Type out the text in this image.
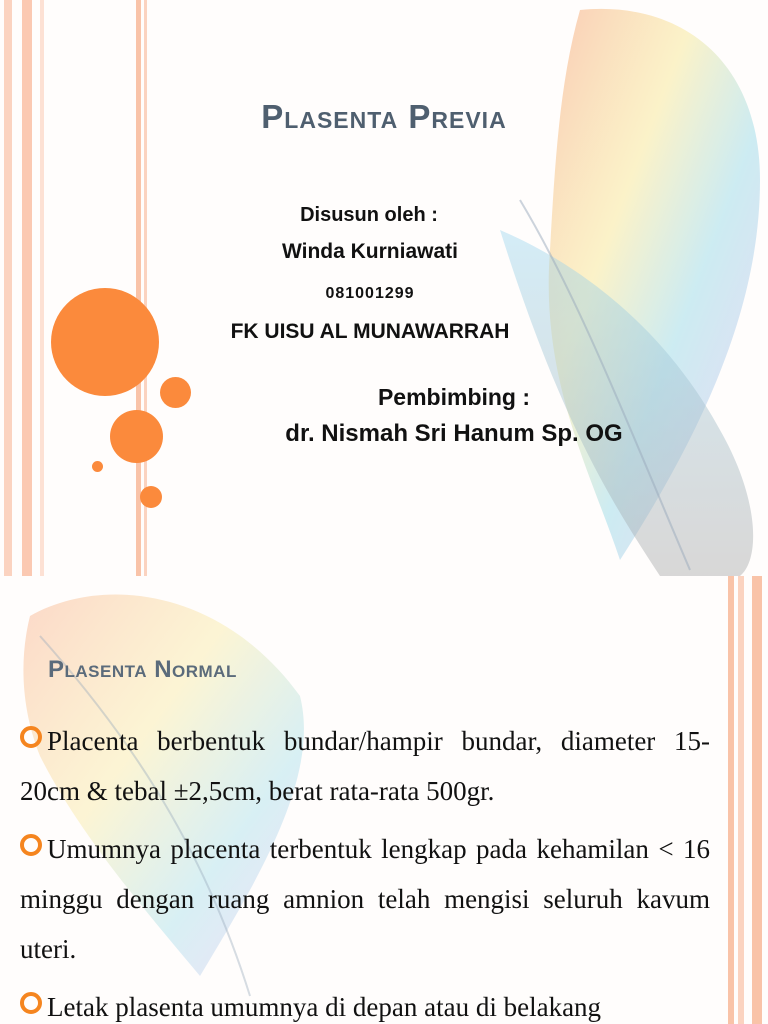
Plasenta Previa
Disusun oleh :
Winda Kurniawati
081001299
FK UISU AL MUNAWARRAH
Pembimbing :
dr. Nismah Sri Hanum Sp. OG
Plasenta Normal
Placenta berbentuk bundar/hampir bundar, diameter 15-20cm & tebal ±2,5cm, berat rata-rata 500gr.
Umumnya placenta terbentuk lengkap pada kehamilan < 16 minggu dengan ruang amnion telah mengisi seluruh kavum uteri.
Letak plasenta umumnya di depan atau di belakang
